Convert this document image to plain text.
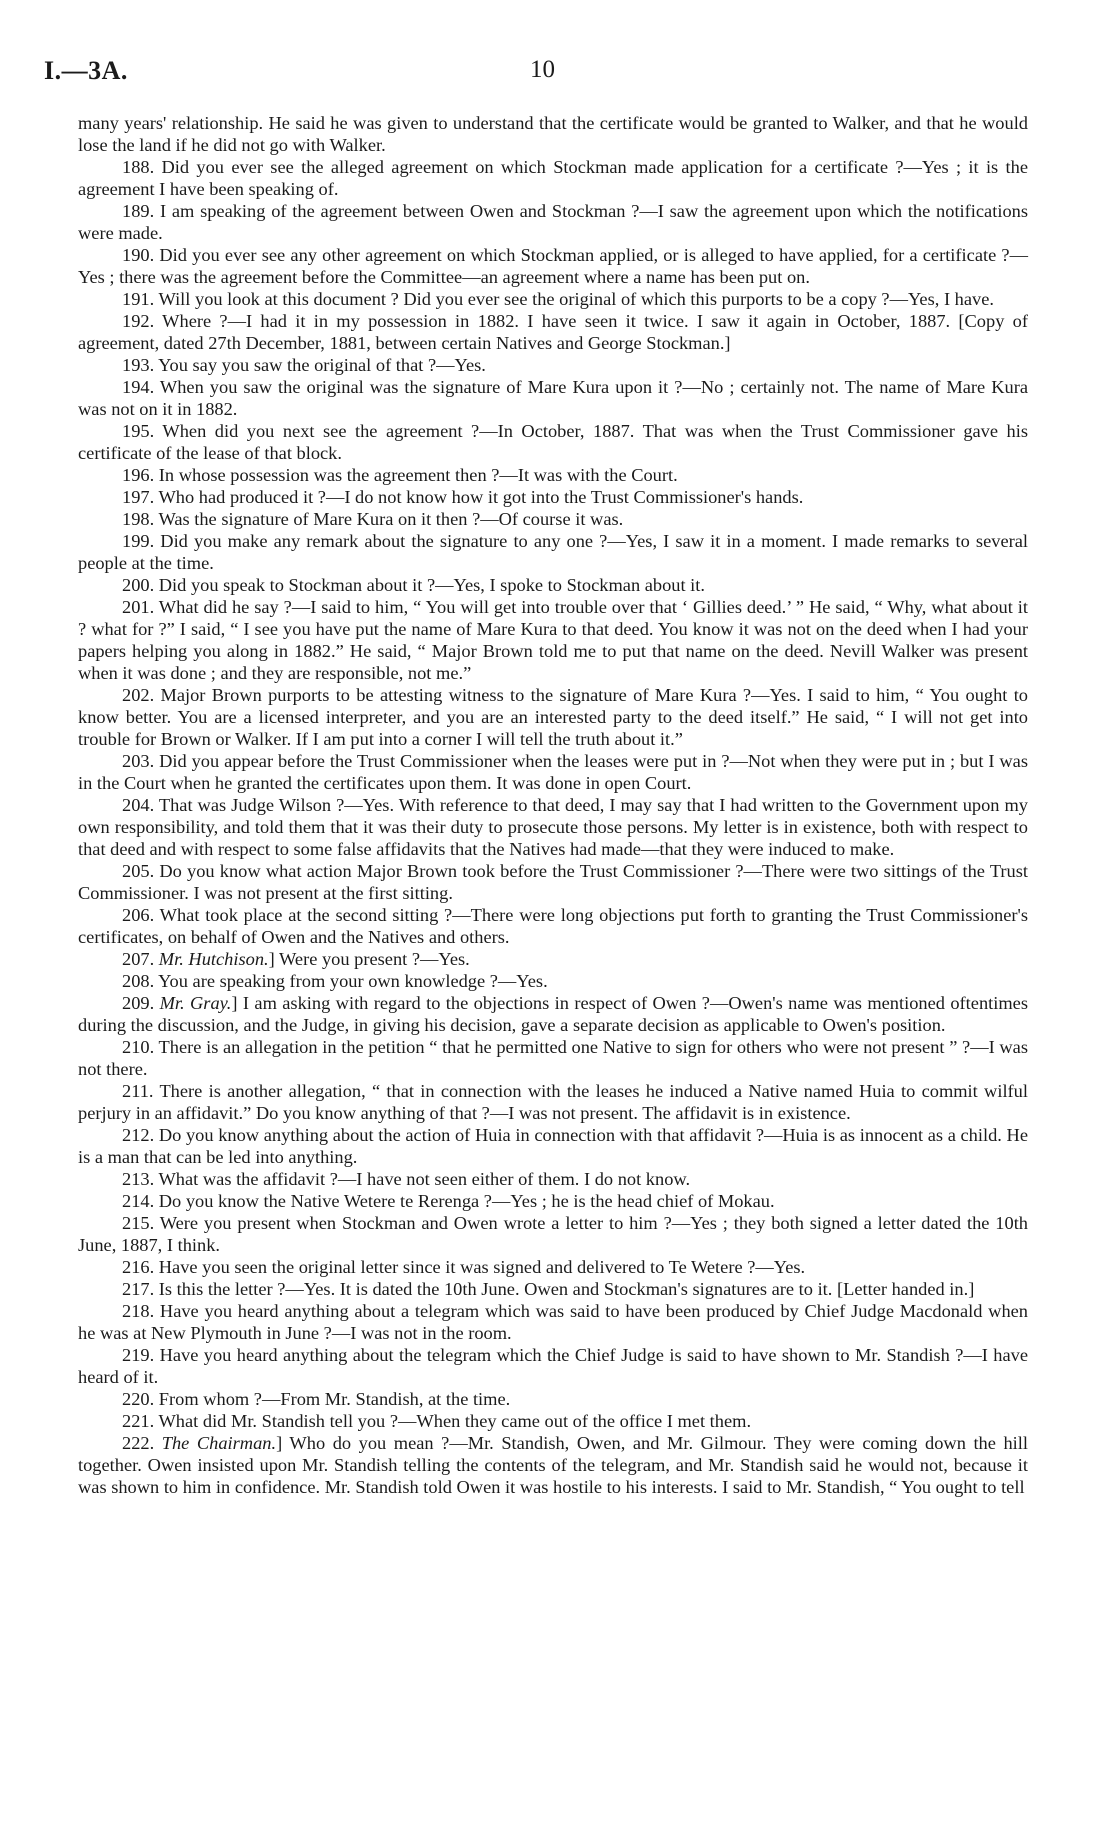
I.—3A.	10

many years' relationship. He said he was given to understand that the certificate would be granted to Walker, and that he would lose the land if he did not go with Walker.

188. Did you ever see the alleged agreement on which Stockman made application for a certificate ?—Yes ; it is the agreement I have been speaking of.

189. I am speaking of the agreement between Owen and Stockman ?—I saw the agreement upon which the notifications were made.

190. Did you ever see any other agreement on which Stockman applied, or is alleged to have applied, for a certificate ?—Yes ; there was the agreement before the Committee—an agreement where a name has been put on.

191. Will you look at this document ? Did you ever see the original of which this purports to be a copy ?—Yes, I have.

192. Where ?—I had it in my possession in 1882. I have seen it twice. I saw it again in October, 1887. [Copy of agreement, dated 27th December, 1881, between certain Natives and George Stockman.]

193. You say you saw the original of that ?—Yes.

194. When you saw the original was the signature of Mare Kura upon it ?—No ; certainly not. The name of Mare Kura was not on it in 1882.

195. When did you next see the agreement ?—In October, 1887. That was when the Trust Commissioner gave his certificate of the lease of that block.

196. In whose possession was the agreement then ?—It was with the Court.

197. Who had produced it ?—I do not know how it got into the Trust Commissioner's hands.

198. Was the signature of Mare Kura on it then ?—Of course it was.

199. Did you make any remark about the signature to any one ?—Yes, I saw it in a moment. I made remarks to several people at the time.

200. Did you speak to Stockman about it ?—Yes, I spoke to Stockman about it.

201. What did he say ?—I said to him, “ You will get into trouble over that ‘ Gillies deed.’ ” He said, “ Why, what about it ? what for ?” I said, “ I see you have put the name of Mare Kura to that deed. You know it was not on the deed when I had your papers helping you along in 1882.” He said, “ Major Brown told me to put that name on the deed. Nevill Walker was present when it was done ; and they are responsible, not me.”

202. Major Brown purports to be attesting witness to the signature of Mare Kura ?—Yes. I said to him, “ You ought to know better. You are a licensed interpreter, and you are an interested party to the deed itself.” He said, “ I will not get into trouble for Brown or Walker. If I am put into a corner I will tell the truth about it.”

203. Did you appear before the Trust Commissioner when the leases were put in ?—Not when they were put in ; but I was in the Court when he granted the certificates upon them. It was done in open Court.

204. That was Judge Wilson ?—Yes. With reference to that deed, I may say that I had written to the Government upon my own responsibility, and told them that it was their duty to prosecute those persons. My letter is in existence, both with respect to that deed and with respect to some false affidavits that the Natives had made—that they were induced to make.

205. Do you know what action Major Brown took before the Trust Commissioner ?—There were two sittings of the Trust Commissioner. I was not present at the first sitting.

206. What took place at the second sitting ?—There were long objections put forth to granting the Trust Commissioner's certificates, on behalf of Owen and the Natives and others.

207. Mr. Hutchison.] Were you present ?—Yes.

208. You are speaking from your own knowledge ?—Yes.

209. Mr. Gray.] I am asking with regard to the objections in respect of Owen ?—Owen's name was mentioned oftentimes during the discussion, and the Judge, in giving his decision, gave a separate decision as applicable to Owen's position.

210. There is an allegation in the petition “ that he permitted one Native to sign for others who were not present ” ?—I was not there.

211. There is another allegation, “ that in connection with the leases he induced a Native named Huia to commit wilful perjury in an affidavit.” Do you know anything of that ?—I was not present. The affidavit is in existence.

212. Do you know anything about the action of Huia in connection with that affidavit ?—Huia is as innocent as a child. He is a man that can be led into anything.

213. What was the affidavit ?—I have not seen either of them. I do not know.

214. Do you know the Native Wetere te Rerenga ?—Yes ; he is the head chief of Mokau.

215. Were you present when Stockman and Owen wrote a letter to him ?—Yes ; they both signed a letter dated the 10th June, 1887, I think.

216. Have you seen the original letter since it was signed and delivered to Te Wetere ?—Yes.

217. Is this the letter ?—Yes. It is dated the 10th June. Owen and Stockman's signatures are to it. [Letter handed in.]

218. Have you heard anything about a telegram which was said to have been produced by Chief Judge Macdonald when he was at New Plymouth in June ?—I was not in the room.

219. Have you heard anything about the telegram which the Chief Judge is said to have shown to Mr. Standish ?—I have heard of it.

220. From whom ?—From Mr. Standish, at the time.

221. What did Mr. Standish tell you ?—When they came out of the office I met them.

222. The Chairman.] Who do you mean ?—Mr. Standish, Owen, and Mr. Gilmour. They were coming down the hill together. Owen insisted upon Mr. Standish telling the contents of the telegram, and Mr. Standish said he would not, because it was shown to him in confidence. Mr. Standish told Owen it was hostile to his interests. I said to Mr. Standish, “ You ought to tell
